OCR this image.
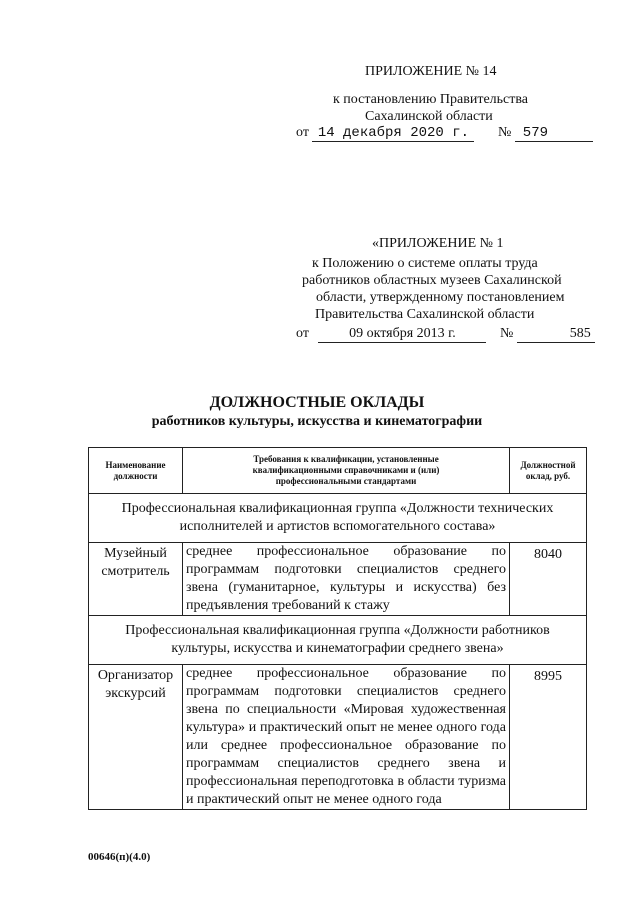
ПРИЛОЖЕНИЕ № 14
к постановлению Правительства
Сахалинской области
от 14 декабря 2020 г. № 579
«ПРИЛОЖЕНИЕ № 1
к Положению о системе оплаты труда
работников областных музеев Сахалинской
области, утвержденному постановлением
Правительства Сахалинской области
от	09 октября 2013 г.	№	585
ДОЛЖНОСТНЫЕ ОКЛАДЫ
работников культуры, искусства и кинематографии
Наименование должности	Требования к квалификации, установленные квалификационными справочниками и (или) профессиональными стандартами	Должностной оклад, руб.
Профессиональная квалификационная группа «Должности технических исполнителей и артистов вспомогательного состава»		
Музейный смотритель	среднее профессиональное образование по программам подготовки специалистов среднего звена (гуманитарное, культуры и искусства) без предъявления требований к стажу	8040
Профессиональная квалификационная группа «Должности работников культуры, искусства и кинематографии среднего звена»		
Организатор экскурсий	среднее профессиональное образование по программам подготовки специалистов среднего звена по специальности «Мировая художественная культура» и практический опыт не менее одного года или среднее профессиональное образование по программам специалистов среднего звена и профессиональная переподготовка в области туризма и практический опыт не менее одного года	8995
00646(п)(4.0)
